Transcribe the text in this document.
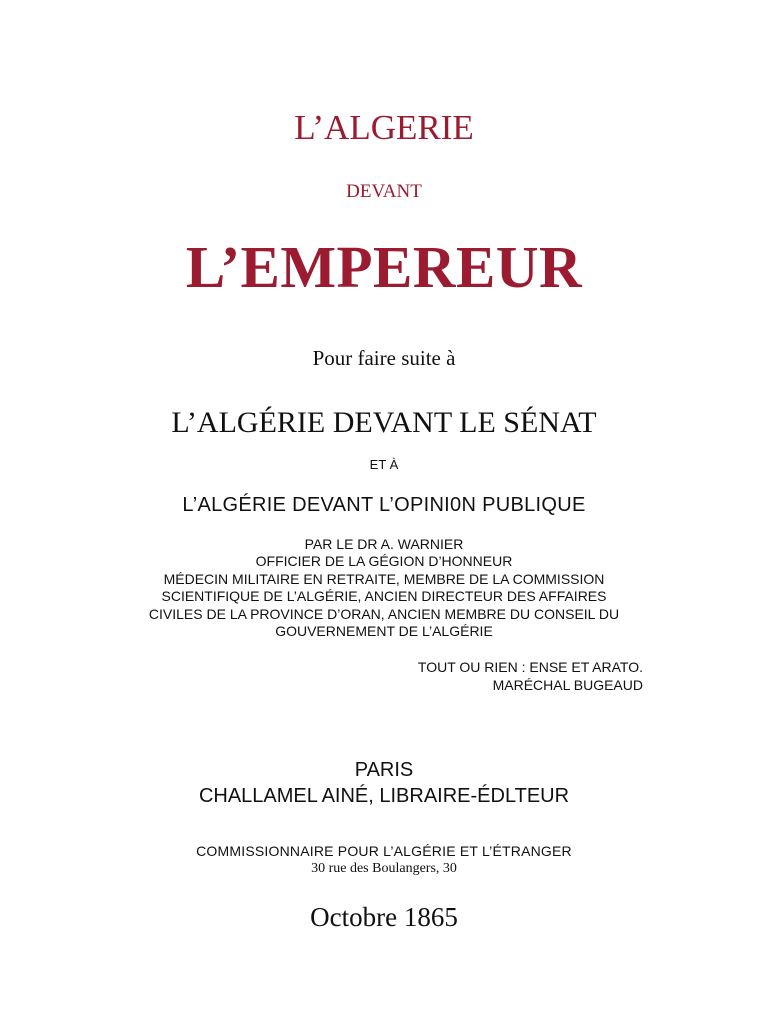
L’ALGERIE
DEVANT
L’EMPEREUR
Pour faire suite à
L’ALGÉRIE DEVANT LE SÉNAT
ET À
L’ALGÉRIE DEVANT L’OPINI0N PUBLIQUE
PAR LE DR A. WARNIER
OFFICIER DE LA GÉGION D’HONNEUR
MÉDECIN MILITAIRE EN RETRAITE, MEMBRE DE LA COMMISSION
SCIENTIFIQUE DE L’ALGÉRIE, ANCIEN DIRECTEUR DES AFFAIRES
CIVILES DE LA PROVINCE D’ORAN, ANCIEN MEMBRE DU CONSEIL DU
GOUVERNEMENT DE L’ALGÉRIE
TOUT OU RIEN : ENSE ET ARATO.
MARÉCHAL BUGEAUD
PARIS
CHALLAMEL AINÉ, LIBRAIRE-ÉDLTEUR
COMMISSIONNAIRE POUR L’ALGÉRIE ET L’ÉTRANGER
30 rue des Boulangers, 30
Octobre 1865
